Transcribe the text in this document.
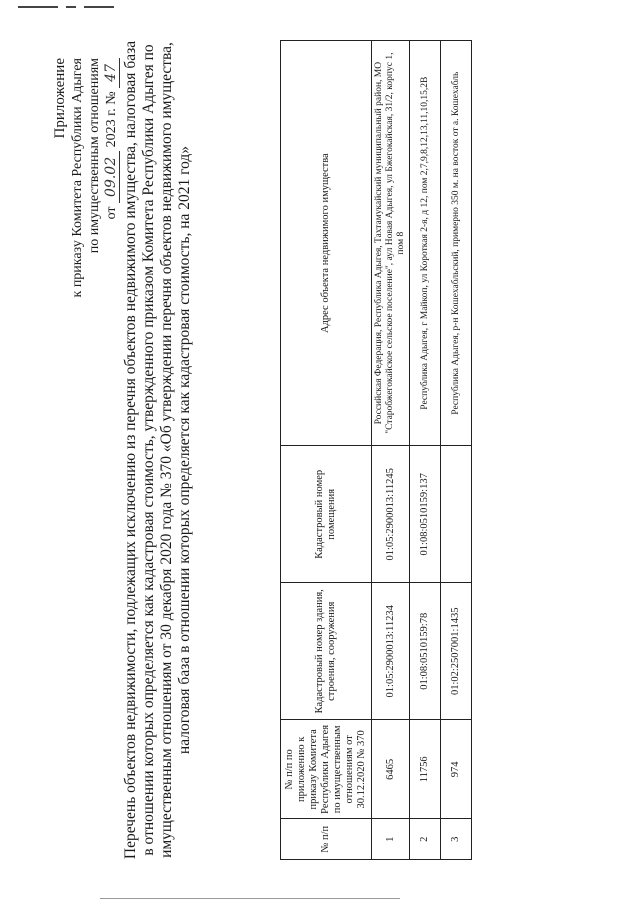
Приложение к приказу Комитета Республики Адыгея по имущественным отношениям от 09.02 2023 г. № 47 Перечень объектов недвижимости, подлежащих исключению из перечня объектов недвижимого имущества, налоговая база в отношении которых определяется как кадастровая стоимость, утвержденного приказом Комитета Республики Адыгея по имущественным отношениям от 30 декабря 2020 года № 370 «Об утверждении перечня объектов недвижимого имущества, налоговая база в отношении которых определяется как кадастровая стоимость, на 2021 год»
№ п/п	№ п/п по приложению к приказу Комитета Республики Адыгея по имущественным отношениям от 30.12.2020 № 370	Кадастровый номер здания, строения, сооружения	Кадастровый номер помещения	Адрес объекта недвижимого имущества
1	6465	01:05:2900013:11234	01:05:2900013:11245	Российская Федерация, Республика Адыгея, Тахтамукайский муниципальный район, МО "Старобжегокайское сельское поселение", аул Новая Адыгея, ул Бжегокайская, 31/2, корпус 1, пом 8
2	11756	01:08:0510159:78	01:08:0510159:137	Республика Адыгея, г Майкоп, ул Короткая 2-я, д 12, пом 2,7,9,8,12,13,11,10,15,2В
3	974	01:02:2507001:1435		Республика Адыгея, р-н Кошехабльский, примерно 350 м. на восток от а. Кошехабль
